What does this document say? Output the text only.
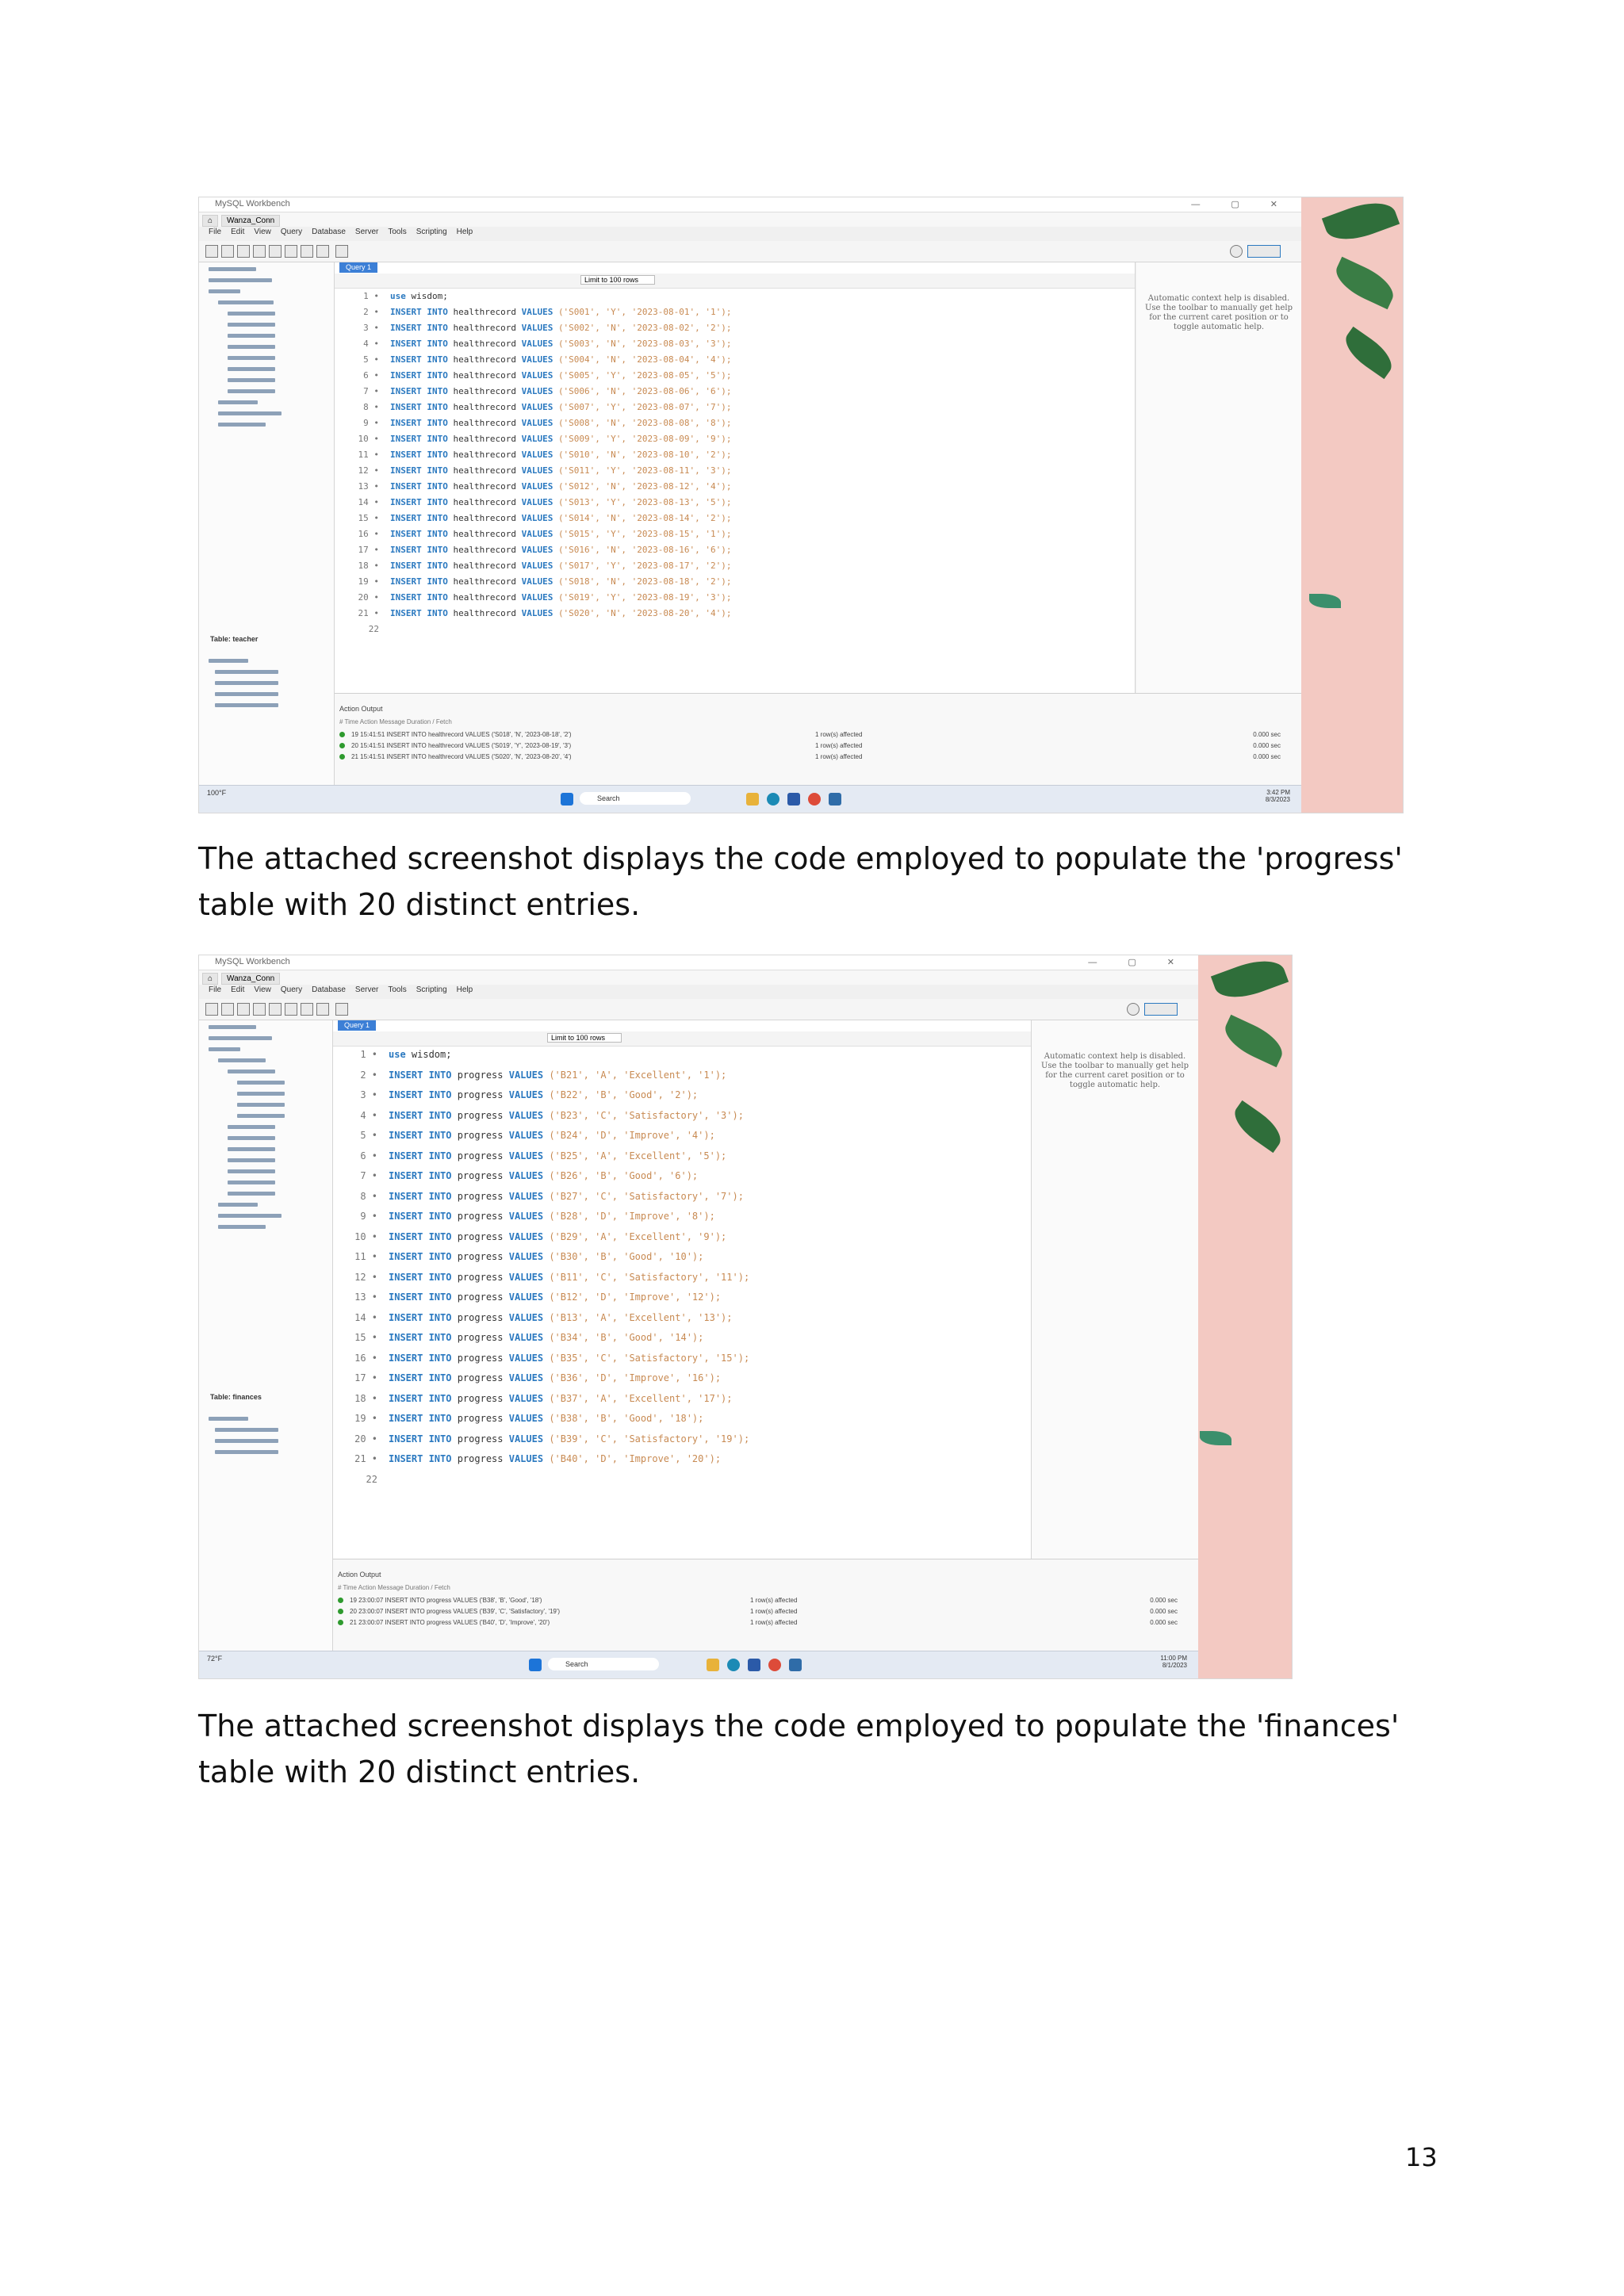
MySQL Workbench	— ▢ ✕
⌂	Wanza_Conn
File Edit View Query Database Server Tools Scripting Help
Table: teacher
Query 1
Limit to 100 rows
1 • use wisdom;
2 • INSERT INTO healthrecord VALUES ('S001', 'Y', '2023-08-01', '1');
3 • INSERT INTO healthrecord VALUES ('S002', 'N', '2023-08-02', '2');
4 • INSERT INTO healthrecord VALUES ('S003', 'N', '2023-08-03', '3');
5 • INSERT INTO healthrecord VALUES ('S004', 'N', '2023-08-04', '4');
6 • INSERT INTO healthrecord VALUES ('S005', 'Y', '2023-08-05', '5');
7 • INSERT INTO healthrecord VALUES ('S006', 'N', '2023-08-06', '6');
8 • INSERT INTO healthrecord VALUES ('S007', 'Y', '2023-08-07', '7');
9 • INSERT INTO healthrecord VALUES ('S008', 'N', '2023-08-08', '8');
10 • INSERT INTO healthrecord VALUES ('S009', 'Y', '2023-08-09', '9');
11 • INSERT INTO healthrecord VALUES ('S010', 'N', '2023-08-10', '2');
12 • INSERT INTO healthrecord VALUES ('S011', 'Y', '2023-08-11', '3');
13 • INSERT INTO healthrecord VALUES ('S012', 'N', '2023-08-12', '4');
14 • INSERT INTO healthrecord VALUES ('S013', 'Y', '2023-08-13', '5');
15 • INSERT INTO healthrecord VALUES ('S014', 'N', '2023-08-14', '2');
16 • INSERT INTO healthrecord VALUES ('S015', 'Y', '2023-08-15', '1');
17 • INSERT INTO healthrecord VALUES ('S016', 'N', '2023-08-16', '6');
18 • INSERT INTO healthrecord VALUES ('S017', 'Y', '2023-08-17', '2');
19 • INSERT INTO healthrecord VALUES ('S018', 'N', '2023-08-18', '2');
20 • INSERT INTO healthrecord VALUES ('S019', 'Y', '2023-08-19', '3');
21 • INSERT INTO healthrecord VALUES ('S020', 'N', '2023-08-20', '4');
22
Automatic context help is disabled. Use the toolbar to manually get help for the current caret position or to toggle automatic help.
Action Output
# Time Action Message Duration / Fetch
19 15:41:51 INSERT INTO healthrecord VALUES ('S018', 'N', '2023-08-18', '2')	1 row(s) affected	0.000 sec
20 15:41:51 INSERT INTO healthrecord VALUES ('S019', 'Y', '2023-08-19', '3')	1 row(s) affected	0.000 sec
21 15:41:51 INSERT INTO healthrecord VALUES ('S020', 'N', '2023-08-20', '4')	1 row(s) affected	0.000 sec
100°F
Search
3:42 PM
8/3/2023
The attached screenshot displays the code employed to populate the 'progress' table with 20 distinct entries.
MySQL Workbench	— ▢ ✕
⌂	Wanza_Conn
File Edit View Query Database Server Tools Scripting Help
Table: finances
Query 1
Limit to 100 rows
1 • use wisdom;
2 • INSERT INTO progress VALUES ('B21', 'A', 'Excellent', '1');
3 • INSERT INTO progress VALUES ('B22', 'B', 'Good', '2');
4 • INSERT INTO progress VALUES ('B23', 'C', 'Satisfactory', '3');
5 • INSERT INTO progress VALUES ('B24', 'D', 'Improve', '4');
6 • INSERT INTO progress VALUES ('B25', 'A', 'Excellent', '5');
7 • INSERT INTO progress VALUES ('B26', 'B', 'Good', '6');
8 • INSERT INTO progress VALUES ('B27', 'C', 'Satisfactory', '7');
9 • INSERT INTO progress VALUES ('B28', 'D', 'Improve', '8');
10 • INSERT INTO progress VALUES ('B29', 'A', 'Excellent', '9');
11 • INSERT INTO progress VALUES ('B30', 'B', 'Good', '10');
12 • INSERT INTO progress VALUES ('B11', 'C', 'Satisfactory', '11');
13 • INSERT INTO progress VALUES ('B12', 'D', 'Improve', '12');
14 • INSERT INTO progress VALUES ('B13', 'A', 'Excellent', '13');
15 • INSERT INTO progress VALUES ('B34', 'B', 'Good', '14');
16 • INSERT INTO progress VALUES ('B35', 'C', 'Satisfactory', '15');
17 • INSERT INTO progress VALUES ('B36', 'D', 'Improve', '16');
18 • INSERT INTO progress VALUES ('B37', 'A', 'Excellent', '17');
19 • INSERT INTO progress VALUES ('B38', 'B', 'Good', '18');
20 • INSERT INTO progress VALUES ('B39', 'C', 'Satisfactory', '19');
21 • INSERT INTO progress VALUES ('B40', 'D', 'Improve', '20');
22
Automatic context help is disabled. Use the toolbar to manually get help for the current caret position or to toggle automatic help.
Action Output
# Time Action Message Duration / Fetch
19 23:00:07 INSERT INTO progress VALUES ('B38', 'B', 'Good', '18')	1 row(s) affected	0.000 sec
20 23:00:07 INSERT INTO progress VALUES ('B39', 'C', 'Satisfactory', '19')	1 row(s) affected	0.000 sec
21 23:00:07 INSERT INTO progress VALUES ('B40', 'D', 'Improve', '20')	1 row(s) affected	0.000 sec
72°F
Search
11:00 PM
8/1/2023
The attached screenshot displays the code employed to populate the 'finances' table with 20 distinct entries.
13
